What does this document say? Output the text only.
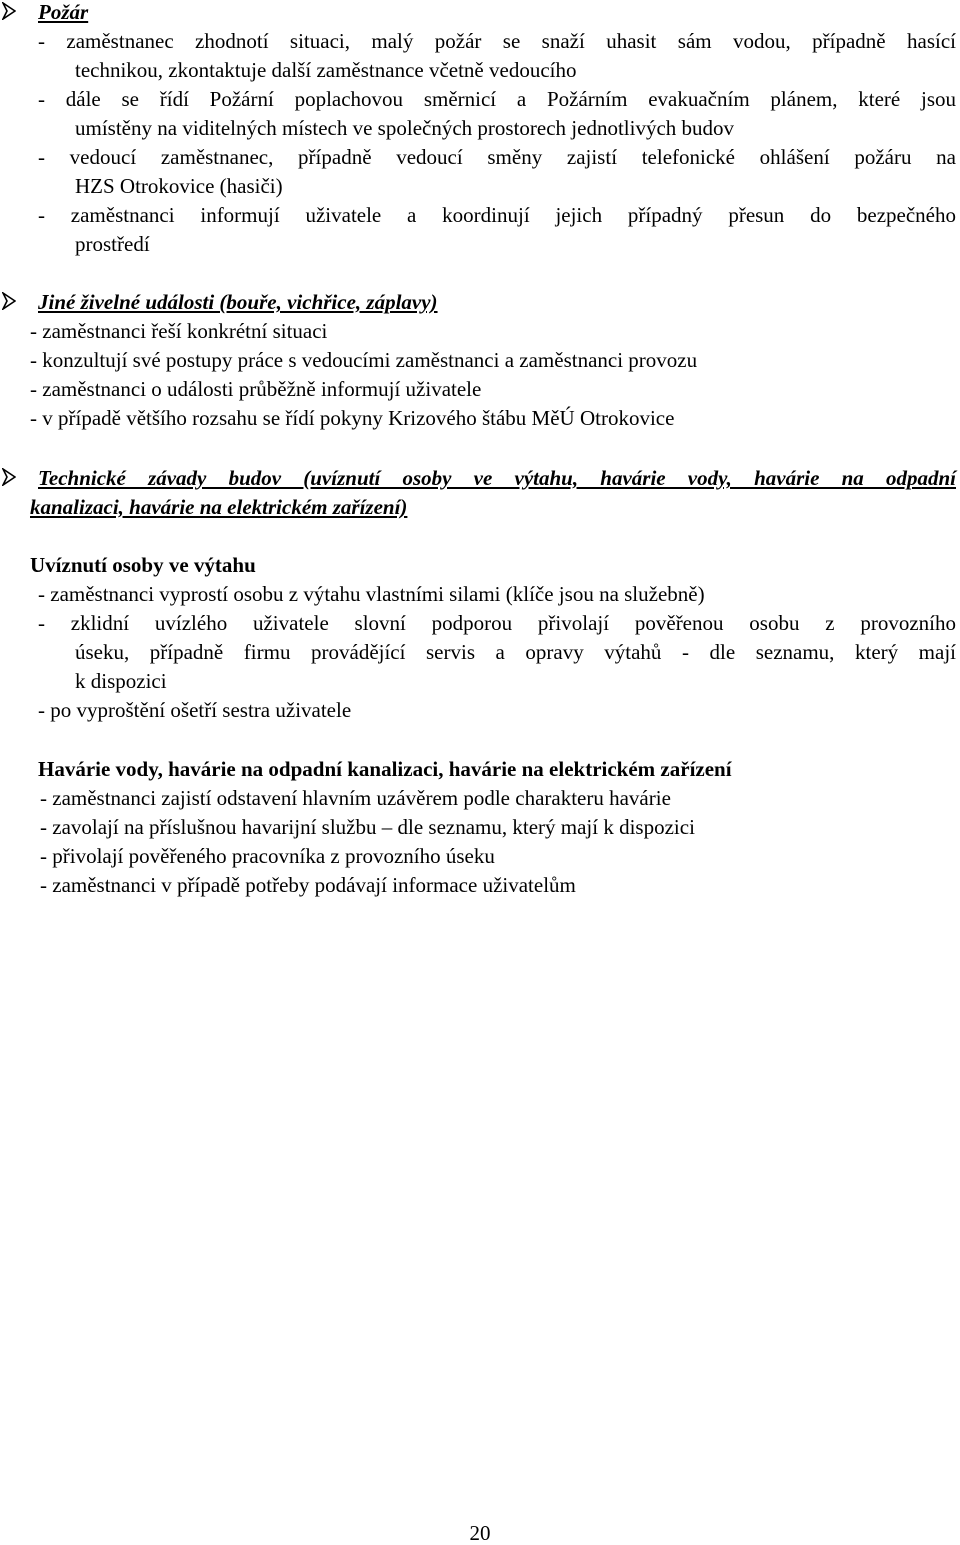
Požár
- zaměstnanec zhodnotí situaci, malý požár se snaží uhasit sám vodou, případně hasící
technikou, zkontaktuje další zaměstnance včetně vedoucího
- dále se řídí Požární poplachovou směrnicí a Požárním evakuačním plánem, které jsou
umístěny na viditelných místech ve společných prostorech jednotlivých budov
- vedoucí zaměstnanec, případně vedoucí směny zajistí telefonické ohlášení požáru na
HZS Otrokovice (hasiči)
- zaměstnanci informují uživatele a koordinují jejich případný přesun do bezpečného
prostředí
Jiné živelné události (bouře, vichřice, záplavy)
- zaměstnanci řeší konkrétní situaci
- konzultují své postupy práce s vedoucími zaměstnanci a zaměstnanci provozu
- zaměstnanci o události průběžně informují uživatele
- v případě většího rozsahu se řídí pokyny Krizového štábu MěÚ Otrokovice
Technické závady budov (uvíznutí osoby ve výtahu, havárie vody, havárie na odpadní
kanalizaci, havárie na elektrickém zařízení)
Uvíznutí osoby ve výtahu
- zaměstnanci vyprostí osobu z výtahu vlastními silami (klíče jsou na služebně)
- zklidní uvízlého uživatele slovní podporou přivolají pověřenou osobu z provozního
úseku, případně firmu provádějící servis a opravy výtahů - dle seznamu, který mají
k dispozici
- po vyproštění ošetří sestra uživatele
Havárie vody, havárie na odpadní kanalizaci, havárie na elektrickém zařízení
- zaměstnanci zajistí odstavení hlavním uzávěrem podle charakteru havárie
- zavolají na příslušnou havarijní službu – dle seznamu, který mají k dispozici
- přivolají pověřeného pracovníka z provozního úseku
- zaměstnanci v případě potřeby podávají informace uživatelům
20
